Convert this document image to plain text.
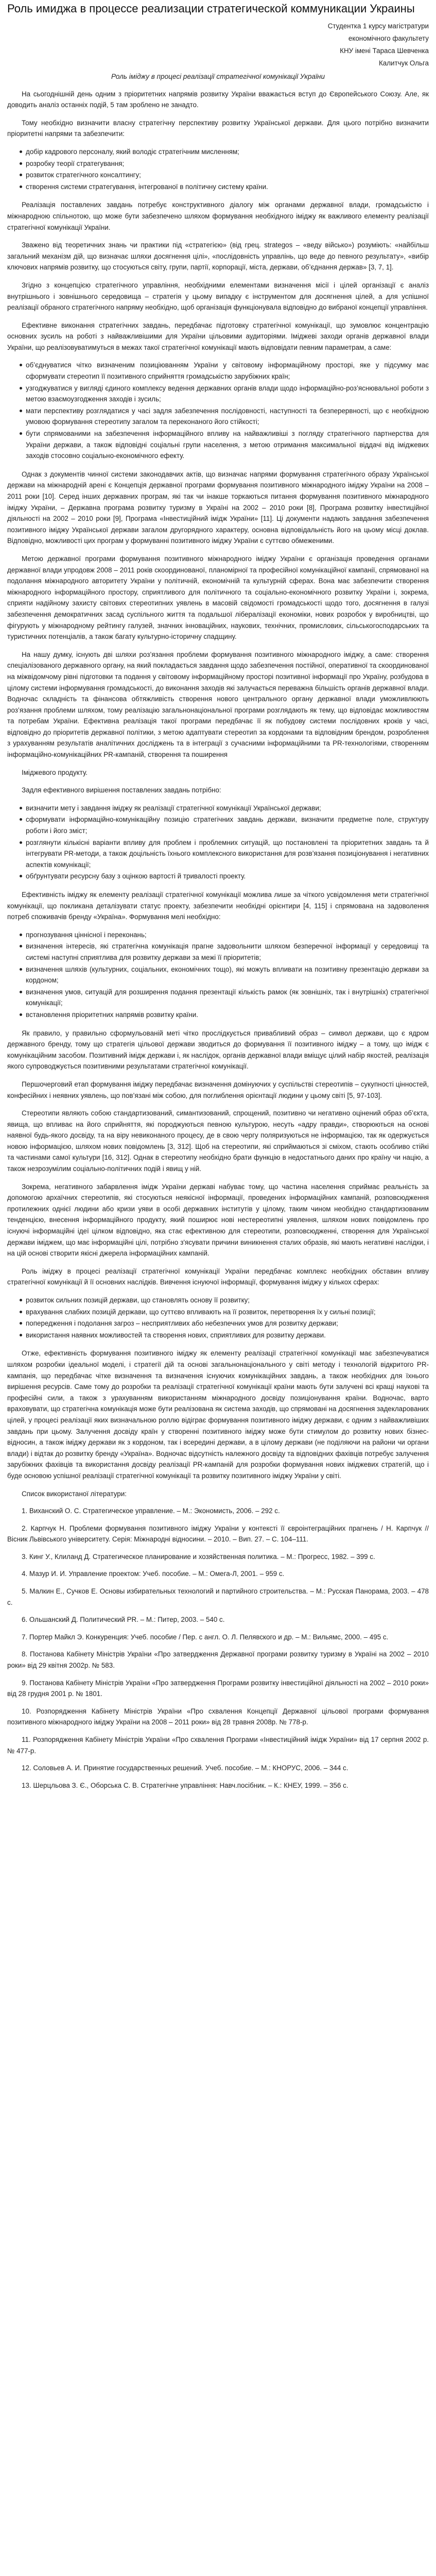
Роль имиджа в процессе реализации стратегической коммуникации Украины

Студентка 1 курсу магістратури

економічного факультету

КНУ імені Тараса Шевченка

Калитчук Ольга

Роль іміджу в процесі реалізації стратегічної комунікації України

На сьогоднішній день одним з пріоритетних напрямів розвитку України вважається вступ до Європейського Союзу. Але, як доводить аналіз останніх подій, 5 там зроблено не занадто.

Тому необхідно визначити власну стратегічну перспективу розвитку Української держави. Для цього потрібно визначити пріоритетні напрями та забезпечити:

добір кадрового персоналу, який володіє стратегічним мисленням;
розробку теорії стратегування;
розвиток стратегічного консалтингу;
створення системи стратегування, інтегрованої в політичну систему країни.

Реалізація поставлених завдань потребує конструктивного діалогу між органами державної влади, громадськістю і міжнародною спільнотою, що може бути забезпечено шляхом формування необхідного іміджу як важливого елементу реалізації стратегічної комунікації України.

Зважено від теоретичних знань чи практики під «стратегією» (від грец. strategos – «веду військо») розуміють: «найбільш загальний механізм дій, що визначає шляхи досягнення цілі», «послідовність управлінь, що веде до певного результату», «вибір ключових напрямів розвитку, що стосуються світу, групи, партії, корпорації, міста, держави, об’єднання держав» [3, 7, 1].

Згідно з концепцією стратегічного управління, необхідними елементами визначення місії і цілей організації є аналіз внутрішнього і зовнішнього середовища – стратегія у цьому випадку є інструментом для досягнення цілей, а для успішної реалізації обраного стратегічного напряму необхідно, щоб організація функціонувала відповідно до вибраної концепції управління.

Ефективне виконання стратегічних завдань, передбачає підготовку стратегічної комунікації, що зумовлює концентрацію основних зусиль на роботі з найважливішими для України цільовими аудиторіями. Іміджеві заходи органів державної влади України, що реалізовуватимуться в межах такої стратегічної комунікації мають відповідати певним параметрам, а саме:

об’єднуватися чітко визначеним позиціюванням України у світовому інформаційному просторі, яке у підсумку має сформувати стереотип її позитивного сприйняття громадськістю зарубіжних країн;
узгоджуватися у вигляді єдиного комплексу ведення державних органів влади щодо інформаційно-роз’яснювальної роботи з метою взаємоузгодження заходів і зусиль;
мати перспективу розглядатися у часі задля забезпечення послідовності, наступності та безперервності, що є необхідною умовою формування стереотипу загалом та переконаного його стійкості;
бути спрямованими на забезпечення інформаційного впливу на найважливіші з погляду стратегічного партнерства для України держави, а також відповідні соціальні групи населення, з метою отримання максимальної віддачі від іміджевих заходів стосовно соціально-економічного ефекту.

Однак з документів чинної системи законодавчих актів, що визначає напрями формування стратегічного образу Української держави на міжнародній арені є Концепція державної програми формування позитивного міжнародного іміджу України на 2008 – 2011 роки [10]. Серед інших державних програм, які так чи інакше торкаються питання формування позитивного міжнародного іміджу України, – Державна програма розвитку туризму в Україні на 2002 – 2010 роки [8], Програма розвитку інвестиційної діяльності на 2002 – 2010 роки [9], Програма «Інвестиційний імідж України» [11]. Ці документи надають завдання забезпечення позитивного іміджу Української держави загалом другорядного характеру, основна відповідальність його на цьому місці доклав. Відповідно, можливості цих програм у формуванні позитивного іміджу України є суттєво обмеженими.

Метою державної програми формування позитивного міжнародного іміджу України є організація проведення органами державної влади упродовж 2008 – 2011 років скоординованої, планомірної та професійної комунікаційної кампанії, спрямованої на подолання міжнародного авторитету України у політичній, економічній та культурній сферах. Вона має забезпечити створення міжнародного інформаційного простору, сприятливого для політичного та соціально-економічного розвитку України і, зокрема, сприяти надійному захисту світових стереотипних уявлень в масовій свідомості громадськості щодо того, досягнення в галузі забезпечення демократичних засад суспільного життя та подальшої лібералізації економіки, нових розробок у виробництві, що фігурують у міжнародному рейтингу галузей, значних інноваційних, наукових, технічних, промислових, сільськогосподарських та туристичних потенціалів, а також багату культурно-історичну спадщину.

На нашу думку, існують дві шляхи роз’язання проблеми формування позитивного міжнародного іміджу, а саме: створення спеціалізованого державного органу, на який покладається завдання щодо забезпечення постійної, оперативної та скоординованої на міжвідомчому рівні підготовки та подання у світовому інформаційному просторі позитивної інформації про Україну, розбудова в цілому системи інформування громадськості, до виконання заходів які залучається переважна більшість органів державної влади. Водночас складність та фінансова обтяжливість створення нового центрального органу державної влади уможливлюють роз’язання проблеми шляхом, тому реалізацію загальнонаціональної програми розглядають як тему, що відповідає можливостям та потребам України. Ефективна реалізація такої програми передбачає її як побудову системи послідовних кроків у часі, відповідно до пріоритетів державної політики, з метою адаптувати стереотип за кордонами та відповідним брендом, розроблення з урахуванням результатів аналітичних досліджень та в інтеграції з сучасними інформаційними та PR-технологіями, створенням інформаційно-комунікаційних PR-кампаній, створення та поширення

Іміджевого продукту.

Задля ефективного вирішення поставлених завдань потрібно:

визначити мету і завдання іміджу як реалізації стратегічної комунікації Української держави;
сформувати інформаційно-комунікаційну позицію стратегічних завдань держави, визначити предметне поле, структуру роботи і його зміст;
розглянути кількісні варіанти впливу для проблем і проблемних ситуацій, що постановлені та пріоритетних завдань та й інтегрувати PR-методи, а також доцільність їхнього комплексного використання для розв’язання позиціонування і негативних аспектів комунікації;
обґрунтувати ресурсну базу з оцінкою вартості й тривалості проекту.

Ефективність іміджу як елементу реалізації стратегічної комунікації можлива лише за чіткого усвідомлення мети стратегічної комунікації, що покликана деталізувати статус проекту, забезпечити необхідні орієнтири [4, 115] і спрямована на задоволення потреб споживачів бренду «Україна». Формування мелі необхідно:

прогнозування ціннісної і переконань;
визначення інтересів, які стратегічна комунікація прагне задовольнити шляхом безперечної інформації у середовищі та системі наступні сприятлива для розвитку держави за межі її пріоритетів;
визначення шляхів (культурних, соціальних, економічних тощо), які можуть впливати на позитивну презентацію держави за кордоном;
визначення умов, ситуацій для розширення подання презентації кількість рамок (як зовнішніх, так і внутрішніх) стратегічної комунікації;
встановлення пріоритетних напрямів розвитку країни.

Як правило, у правильно сформульованій меті чітко прослідкується привабливий образ – символ держави, що є ядром державного бренду, тому що стратегія цільової держави зводиться до формування її позитивного іміджу – а тому, що імідж є комунікаційним засобом. Позитивний імідж держави і, як наслідок, органів державної влади вміщує цілий набір якостей, реалізація якого супроводжується позитивними результатами стратегічної комунікації.

Першочерговий етап формування іміджу передбачає визначення домінуючих у суспільстві стереотипів – сукупності цінностей, конфесійних і неявних уявлень, що пов’язані між собою, для поглиблення орієнтації людини у цьому світі [5, 97-103].

Стереотипи являють собою стандартизований, симантизований, спрощений, позитивно чи негативно оцінений образ об’єкта, явища, що впливає на його сприйняття, які породжуються певною культурою, несуть «адру правди», створюються на основі наявної будь-якого досвіду, та на віру невиконаного процесу, де в свою чергу поляризуються не інформацією, так як одержується новою інформацією, шляхом нових повідомлень [3, 312]. Щоб на стереотипи, які сприймаються зі сміхом, стають особливо стійкі та частинами самої культури [16, 312]. Однак в стереотипу необхідно брати функцію в недостатнього даних про країну чи націю, а також незрозумілим соціально-політичних подій і явищ у ній.

Зокрема, негативного забарвлення імідж України державі набуває тому, що частина населення сприймає реальність за допомогою архаїчних стереотипів, які стосуються неякісної інформації, проведених інформаційних кампаній, розповсюдження протилежних однієї людини або кризи уяви в особі державних інститутів у цілому, таким чином необхідно стандартизованим тенденцією, внесення інформаційного продукту, який поширює нові нестереотипні уявлення, шляхом нових повідомлень про існуючі інформаційні ідеї цілком відповідно, яка стає ефективною для стереотипи, розповсюдженні, створення для Української держави іміджем, що має інформаційні цілі, потрібно з'ясувати причини виникнення сталих образів, які мають негативні наслідки, і на цій основі створити якісні джерела інформаційних кампаній.

Роль іміджу в процесі реалізації стратегічної комунікації України передбачає комплекс необхідних обставин впливу стратегічної комунікації й її основних наслідків. Вивчення існуючої інформації, формування іміджу у кількох сферах:

розвиток сильних позицій держави, що становлять основу її розвитку;
врахування слабких позицій держави, що суттєво впливають на її розвиток, перетворення їх у сильні позиції;
попередження і подолання загроз – несприятливих або небезпечних умов для розвитку держави;
використання наявних можливостей та створення нових, сприятливих для розвитку держави.

Отже, ефективність формування позитивного іміджу як елементу реалізації стратегічної комунікації має забезпечуватися шляхом розробки ідеальної моделі, і стратегії дій та основі загальнонаціонального у світі методу і технологій відкритого PR-кампанія, що передбачає чітке визначення та визначення існуючих комунікаційних завдань, а також необхідних для їхнього вирішення ресурсів. Саме тому до розробки та реалізації стратегічної комунікації країни мають бути залучені всі кращі наукові та професійні сили, а також з урахуванням використанням міжнародного досвіду позиціонування країни. Водночас, варто враховувати, що стратегічна комунікація може бути реалізована як система заходів, що спрямовані на досягнення задекларованих цілей, у процесі реалізації яких визначальною роллю відіграє формування позитивного іміджу держави, є одним з найважливіших завдань при цьому. Залучення досвіду країн у створенні позитивного іміджу може бути стимулом до розвитку нових бізнес-відносин, а також іміджу держави як з кордоном, так і всередині держави, а в цілому держави (не поділяючи на райони чи органи влади) і відтак до розвитку бренду «Україна». Водночас відсутність належного досвіду та відповідних фахівців потребує залучення зарубіжних фахівців та використання досвіду реалізації PR-кампаній для розробки формування нових іміджевих стратегій, що і буде основою успішної реалізації стратегічної комунікації та розвитку позитивного іміджу України у світі.

Список використаної літератури:

1. Виханский О. С. Стратегическое управление. – М.: Экономисть, 2006. – 292 с.
2. Карпчук Н. Проблеми формування позитивного іміджу України у контексті її євроінтеграційних прагнень / Н. Карпчук // Вісник Львівського університету. Серія: Міжнародні відносини. – 2010. – Вип. 27. – С. 104–111.
3. Кинг У., Клиланд Д. Стратегическое планирование и хозяйственная политика. – М.: Прогресс, 1982. – 399 с.
4. Мазур И. И. Управление проектом: Учеб. пособие. – М.: Омега-Л, 2001. – 959 с.
5. Малкин Е., Сучков Е. Основы избирательных технологий и партийного строительства. – М.: Русская Панорама, 2003. – 478 с.
6. Ольшанский Д. Политический PR. – М.: Питер, 2003. – 540 с.
7. Портер Майкл Э. Конкуренция: Учеб. пособие / Пер. с англ. О. Л. Пелявского и др. – М.: Вильямс, 2000. – 495 с.
8. Постанова Кабінету Міністрів України «Про затвердження Державної програми розвитку туризму в Україні на 2002 – 2010 роки» від 29 квітня 2002р. № 583.
9. Постанова Кабінету Міністрів України «Про затвердження Програми розвитку інвестиційної діяльності на 2002 – 2010 роки» від 28 грудня 2001 р. № 1801.
10. Розпорядження Кабінету Міністрів України «Про схвалення Концепції Державної цільової програми формування позитивного міжнародного іміджу України на 2008 – 2011 роки» від 28 травня 2008р. № 778-р.
11. Розпорядження Кабінету Міністрів України «Про схвалення Програми «Інвестиційний імідж України» від 17 серпня 2002 р. № 477-р.
12. Соловьев А. И. Принятие государственных решений. Учеб. пособие. – М.: КНОРУС, 2006. – 344 с.
13. Шерцльова З. Є., Оборська С. В. Стратегічне управління: Навч.посібник. – К.: КНЕУ, 1999. – 356 с.
